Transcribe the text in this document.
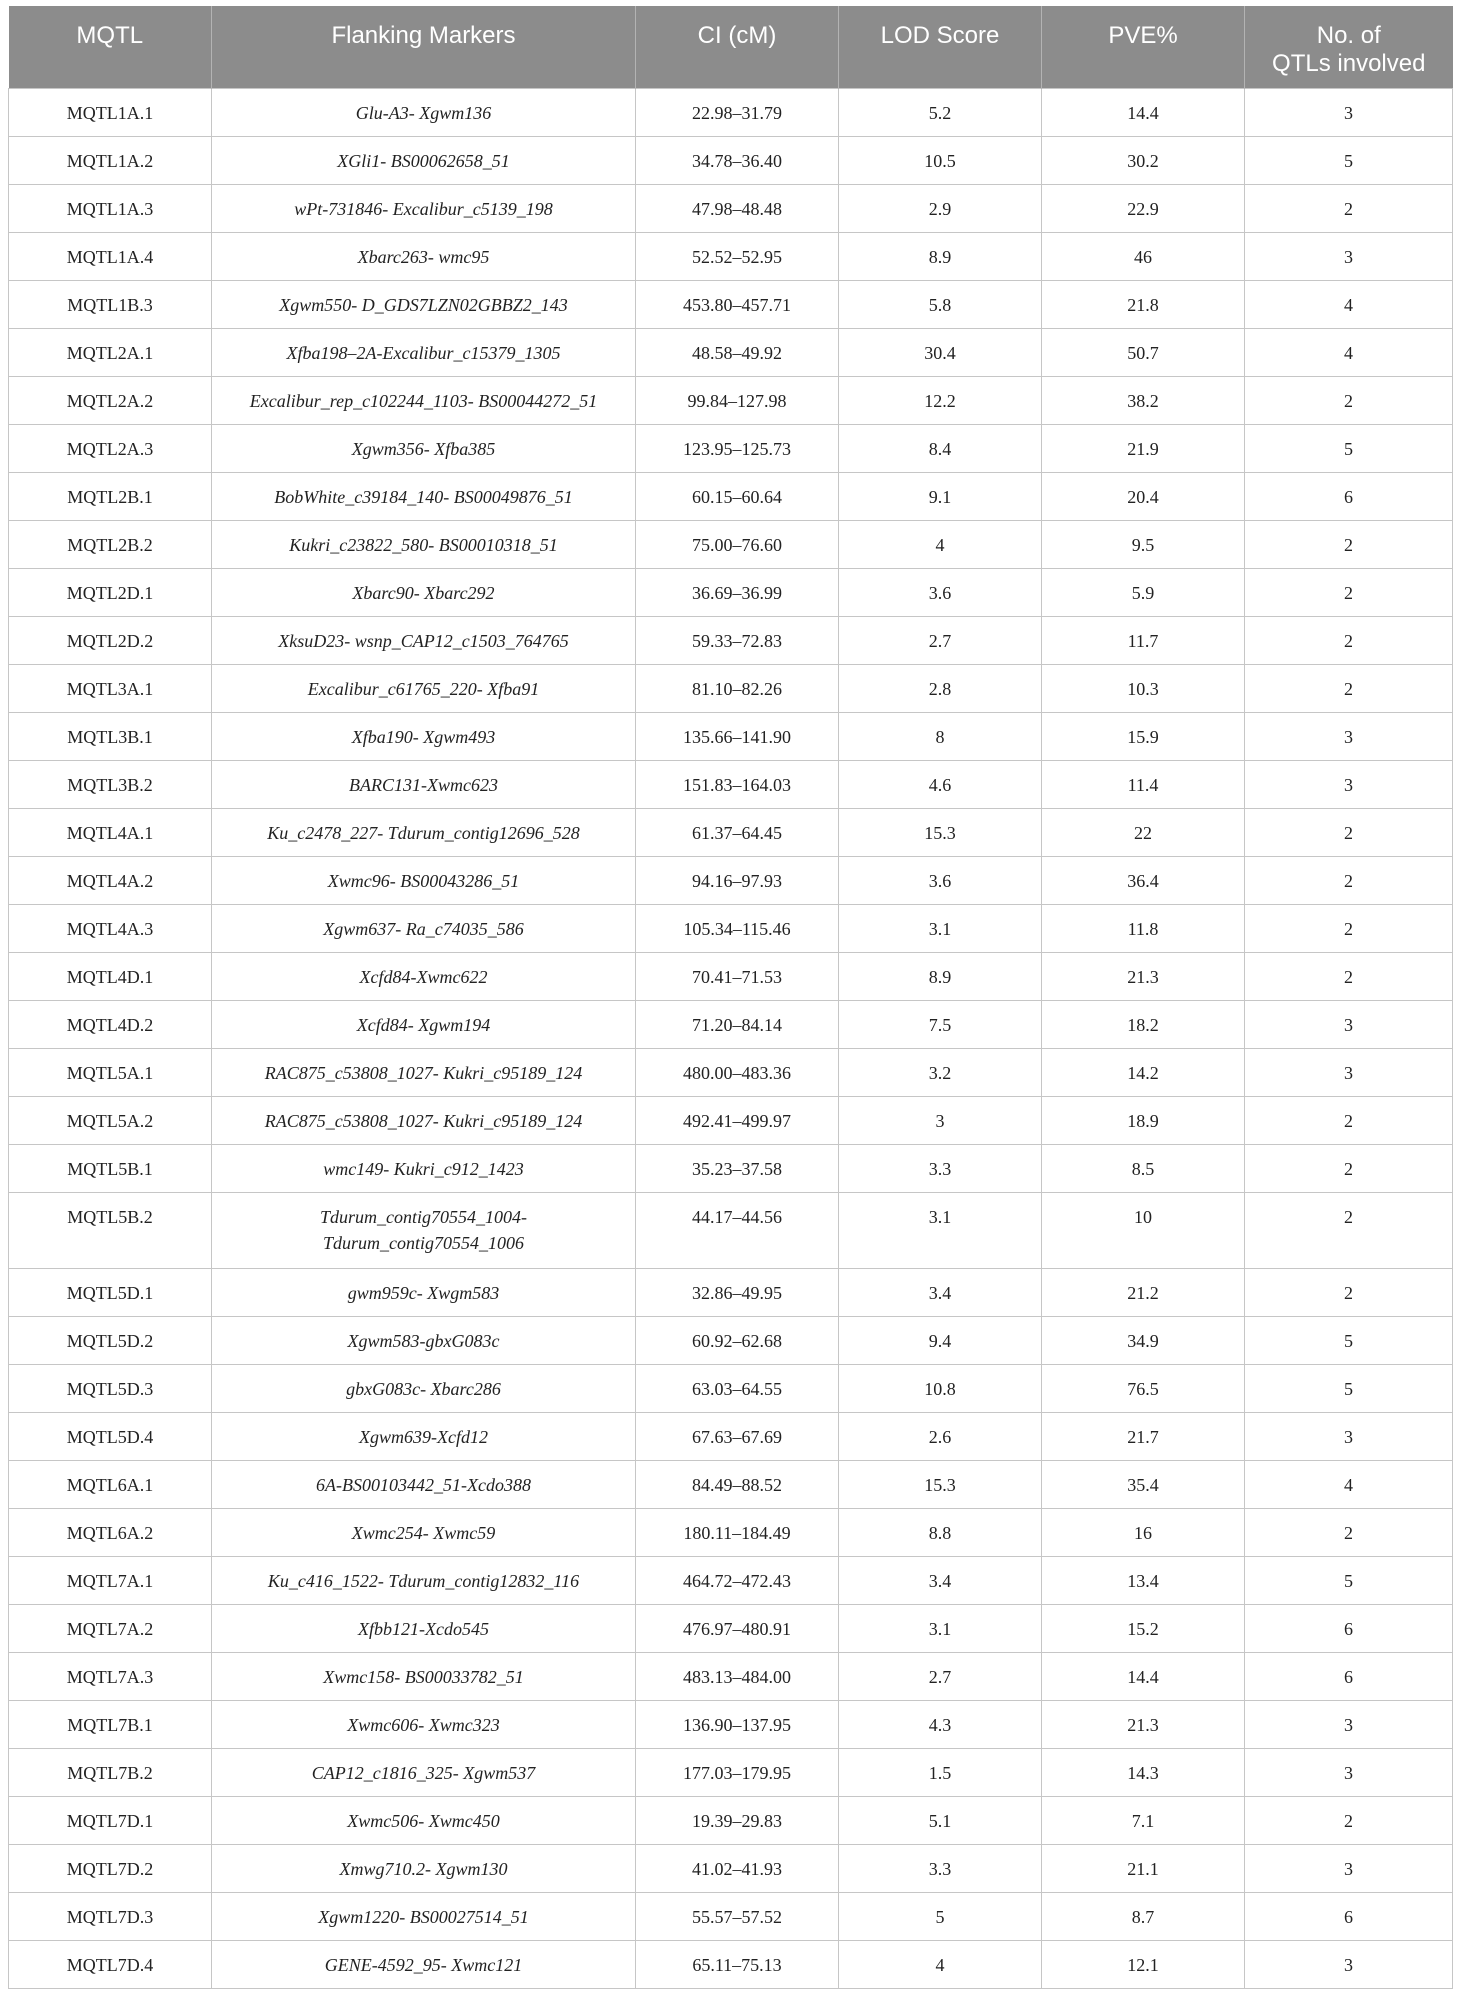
MQTL	Flanking Markers	CI (cM)	LOD Score	PVE%	No. of
QTLs involved
MQTL1A.1	Glu-A3- Xgwm136	22.98–31.79	5.2	14.4	3
MQTL1A.2	XGli1- BS00062658_51	34.78–36.40	10.5	30.2	5
MQTL1A.3	wPt-731846- Excalibur_c5139_198	47.98–48.48	2.9	22.9	2
MQTL1A.4	Xbarc263- wmc95	52.52–52.95	8.9	46	3
MQTL1B.3	Xgwm550- D_GDS7LZN02GBBZ2_143	453.80–457.71	5.8	21.8	4
MQTL2A.1	Xfba198–2A-Excalibur_c15379_1305	48.58–49.92	30.4	50.7	4
MQTL2A.2	Excalibur_rep_c102244_1103- BS00044272_51	99.84–127.98	12.2	38.2	2
MQTL2A.3	Xgwm356- Xfba385	123.95–125.73	8.4	21.9	5
MQTL2B.1	BobWhite_c39184_140- BS00049876_51	60.15–60.64	9.1	20.4	6
MQTL2B.2	Kukri_c23822_580- BS00010318_51	75.00–76.60	4	9.5	2
MQTL2D.1	Xbarc90- Xbarc292	36.69–36.99	3.6	5.9	2
MQTL2D.2	XksuD23- wsnp_CAP12_c1503_764765	59.33–72.83	2.7	11.7	2
MQTL3A.1	Excalibur_c61765_220- Xfba91	81.10–82.26	2.8	10.3	2
MQTL3B.1	Xfba190- Xgwm493	135.66–141.90	8	15.9	3
MQTL3B.2	BARC131-Xwmc623	151.83–164.03	4.6	11.4	3
MQTL4A.1	Ku_c2478_227- Tdurum_contig12696_528	61.37–64.45	15.3	22	2
MQTL4A.2	Xwmc96- BS00043286_51	94.16–97.93	3.6	36.4	2
MQTL4A.3	Xgwm637- Ra_c74035_586	105.34–115.46	3.1	11.8	2
MQTL4D.1	Xcfd84-Xwmc622	70.41–71.53	8.9	21.3	2
MQTL4D.2	Xcfd84- Xgwm194	71.20–84.14	7.5	18.2	3
MQTL5A.1	RAC875_c53808_1027- Kukri_c95189_124	480.00–483.36	3.2	14.2	3
MQTL5A.2	RAC875_c53808_1027- Kukri_c95189_124	492.41–499.97	3	18.9	2
MQTL5B.1	wmc149- Kukri_c912_1423	35.23–37.58	3.3	8.5	2
MQTL5B.2	Tdurum_contig70554_1004-
Tdurum_contig70554_1006	44.17–44.56	3.1	10	2
MQTL5D.1	gwm959c- Xwgm583	32.86–49.95	3.4	21.2	2
MQTL5D.2	Xgwm583-gbxG083c	60.92–62.68	9.4	34.9	5
MQTL5D.3	gbxG083c- Xbarc286	63.03–64.55	10.8	76.5	5
MQTL5D.4	Xgwm639-Xcfd12	67.63–67.69	2.6	21.7	3
MQTL6A.1	6A-BS00103442_51-Xcdo388	84.49–88.52	15.3	35.4	4
MQTL6A.2	Xwmc254- Xwmc59	180.11–184.49	8.8	16	2
MQTL7A.1	Ku_c416_1522- Tdurum_contig12832_116	464.72–472.43	3.4	13.4	5
MQTL7A.2	Xfbb121-Xcdo545	476.97–480.91	3.1	15.2	6
MQTL7A.3	Xwmc158- BS00033782_51	483.13–484.00	2.7	14.4	6
MQTL7B.1	Xwmc606- Xwmc323	136.90–137.95	4.3	21.3	3
MQTL7B.2	CAP12_c1816_325- Xgwm537	177.03–179.95	1.5	14.3	3
MQTL7D.1	Xwmc506- Xwmc450	19.39–29.83	5.1	7.1	2
MQTL7D.2	Xmwg710.2- Xgwm130	41.02–41.93	3.3	21.1	3
MQTL7D.3	Xgwm1220- BS00027514_51	55.57–57.52	5	8.7	6
MQTL7D.4	GENE-4592_95- Xwmc121	65.11–75.13	4	12.1	3
